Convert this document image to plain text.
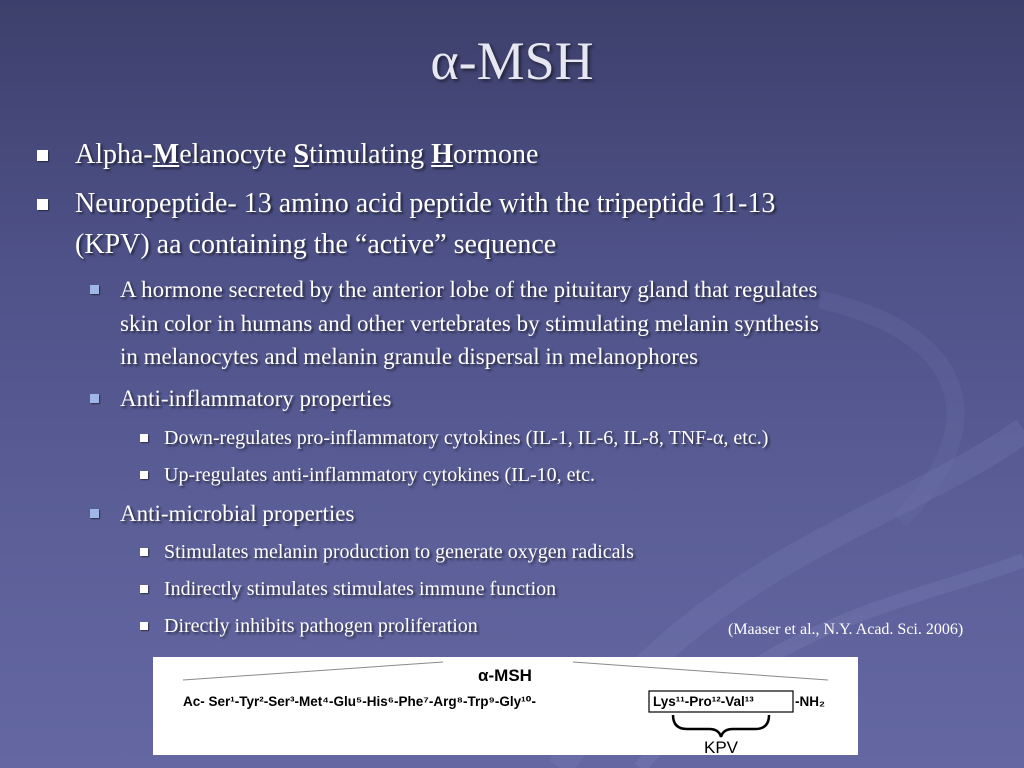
α-MSH
Alpha-Melanocyte Stimulating Hormone
Neuropeptide- 13 amino acid peptide with the tripeptide 11-13
(KPV) aa containing the “active” sequence
A hormone secreted by the anterior lobe of the pituitary gland that regulates
skin color in humans and other vertebrates by stimulating melanin synthesis
in melanocytes and melanin granule dispersal in melanophores
Anti-inflammatory properties
Down-regulates pro-inflammatory cytokines (IL-1, IL-6, IL-8, TNF-α, etc.)
Up-regulates anti-inflammatory cytokines (IL-10, etc.
Anti-microbial properties
Stimulates melanin production to generate oxygen radicals
Indirectly stimulates stimulates immune function
Directly inhibits pathogen proliferation	(Maaser et al., N.Y. Acad. Sci. 2006)
α-MSH
Ac- Ser¹-Tyr²-Ser³-Met⁴-Glu⁵-His⁶-Phe⁷-Arg⁸-Trp⁹-Gly¹⁰-	Lys¹¹-Pro¹²-Val¹³	-NH₂
KPV
